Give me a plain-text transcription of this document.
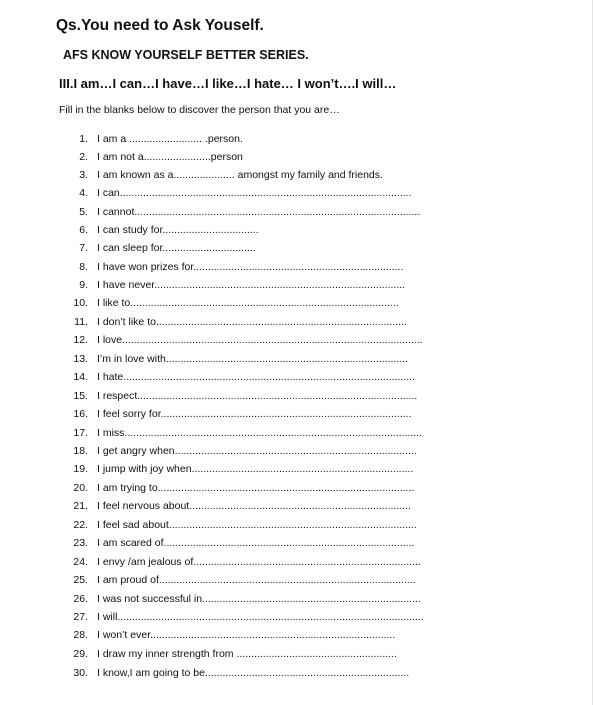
Qs.You need to Ask Youself.
AFS KNOW YOURSELF BETTER SERIES.
III.I am…I can…I have…I like…I hate… I won’t….I will…
Fill in the blanks below to discover the person that you are…
1. I am a ......................... .person.
2. I am not a.......................person
3. I am known as a..................... amongst my family and friends.
4. I can....................................................................................................
5. I cannot..................................................................................................
6. I can study for.................................
7. I can sleep for................................
8. I have won prizes for........................................................................
9. I have never......................................................................................
10. I like to............................................................................................
11. I don’t like to......................................................................................
12. I love.......................................................................................................
13. I’m in love with...................................................................................
14. I hate....................................................................................................
15. I respect................................................................................................
16. I feel sorry for......................................................................................
17. I miss......................................................................................................
18. I get angry when...................................................................................
19. I jump with joy when............................................................................
20. I am trying to........................................................................................
21. I feel nervous about............................................................................
22. I feel sad about.....................................................................................
23. I am scared of......................................................................................
24. I envy /am jealous of..............................................................................
25. I am proud of........................................................................................
26. I was not successful in...........................................................................
27. I will.........................................................................................................
28. I won’t ever....................................................................................
29. I draw my inner strength from .......................................................
30. I know,I am going to be......................................................................
